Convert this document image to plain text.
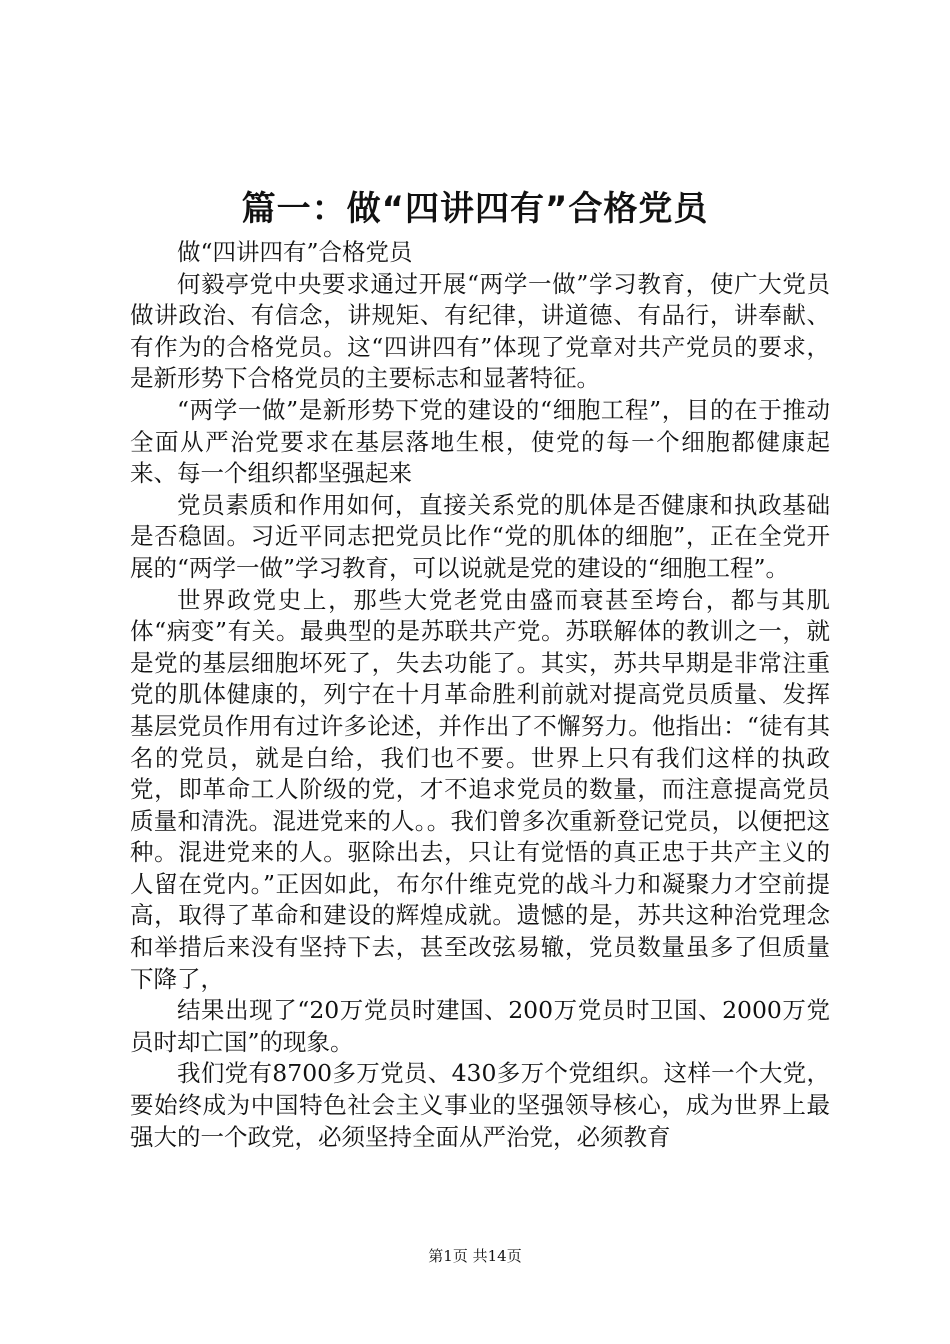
篇一：做“四讲四有”合格党员

做“四讲四有”合格党员

何毅亭党中央要求通过开展“两学一做”学习教育，使广大党员做讲政治、有信念，讲规矩、有纪律，讲道德、有品行，讲奉献、有作为的合格党员。这“四讲四有”体现了党章对共产党员的要求，是新形势下合格党员的主要标志和显著特征。

“两学一做”是新形势下党的建设的“细胞工程”，目的在于推动全面从严治党要求在基层落地生根，使党的每一个细胞都健康起来、每一个组织都坚强起来

党员素质和作用如何，直接关系党的肌体是否健康和执政基础是否稳固。习近平同志把党员比作“党的肌体的细胞”，正在全党开展的“两学一做”学习教育，可以说就是党的建设的“细胞工程”。

世界政党史上，那些大党老党由盛而衰甚至垮台，都与其肌体“病变”有关。最典型的是苏联共产党。苏联解体的教训之一，就是党的基层细胞坏死了，失去功能了。其实，苏共早期是非常注重党的肌体健康的，列宁在十月革命胜利前就对提高党员质量、发挥基层党员作用有过许多论述，并作出了不懈努力。他指出：“徒有其名的党员，就是白给，我们也不要。世界上只有我们这样的执政党，即革命工人阶级的党，才不追求党员的数量，而注意提高党员质量和清洗。混进党来的人。。我们曾多次重新登记党员，以便把这种。混进党来的人。驱除出去，只让有觉悟的真正忠于共产主义的人留在党内。”正因如此，布尔什维克党的战斗力和凝聚力才空前提高，取得了革命和建设的辉煌成就。遗憾的是，苏共这种治党理念和举措后来没有坚持下去，甚至改弦易辙，党员数量虽多了但质量下降了，

结果出现了“20万党员时建国、200万党员时卫国、2000万党员时却亡国”的现象。

我们党有8700多万党员、430多万个党组织。这样一个大党，要始终成为中国特色社会主义事业的坚强领导核心，成为世界上最强大的一个政党，必须坚持全面从严治党，必须教育

第1页 共14页
